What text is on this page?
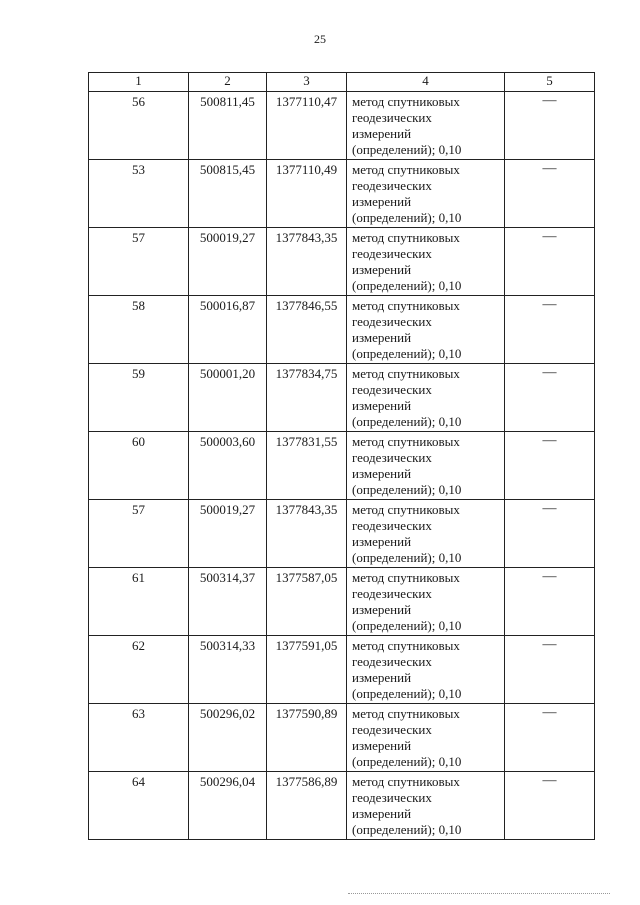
25
1	2	3	4	5
56	500811,45	1377110,47	метод спутниковых
геодезических
измерений
(определений); 0,10	—
53	500815,45	1377110,49	метод спутниковых
геодезических
измерений
(определений); 0,10	—
57	500019,27	1377843,35	метод спутниковых
геодезических
измерений
(определений); 0,10	—
58	500016,87	1377846,55	метод спутниковых
геодезических
измерений
(определений); 0,10	—
59	500001,20	1377834,75	метод спутниковых
геодезических
измерений
(определений); 0,10	—
60	500003,60	1377831,55	метод спутниковых
геодезических
измерений
(определений); 0,10	—
57	500019,27	1377843,35	метод спутниковых
геодезических
измерений
(определений); 0,10	—
61	500314,37	1377587,05	метод спутниковых
геодезических
измерений
(определений); 0,10	—
62	500314,33	1377591,05	метод спутниковых
геодезических
измерений
(определений); 0,10	—
63	500296,02	1377590,89	метод спутниковых
геодезических
измерений
(определений); 0,10	—
64	500296,04	1377586,89	метод спутниковых
геодезических
измерений
(определений); 0,10	—
